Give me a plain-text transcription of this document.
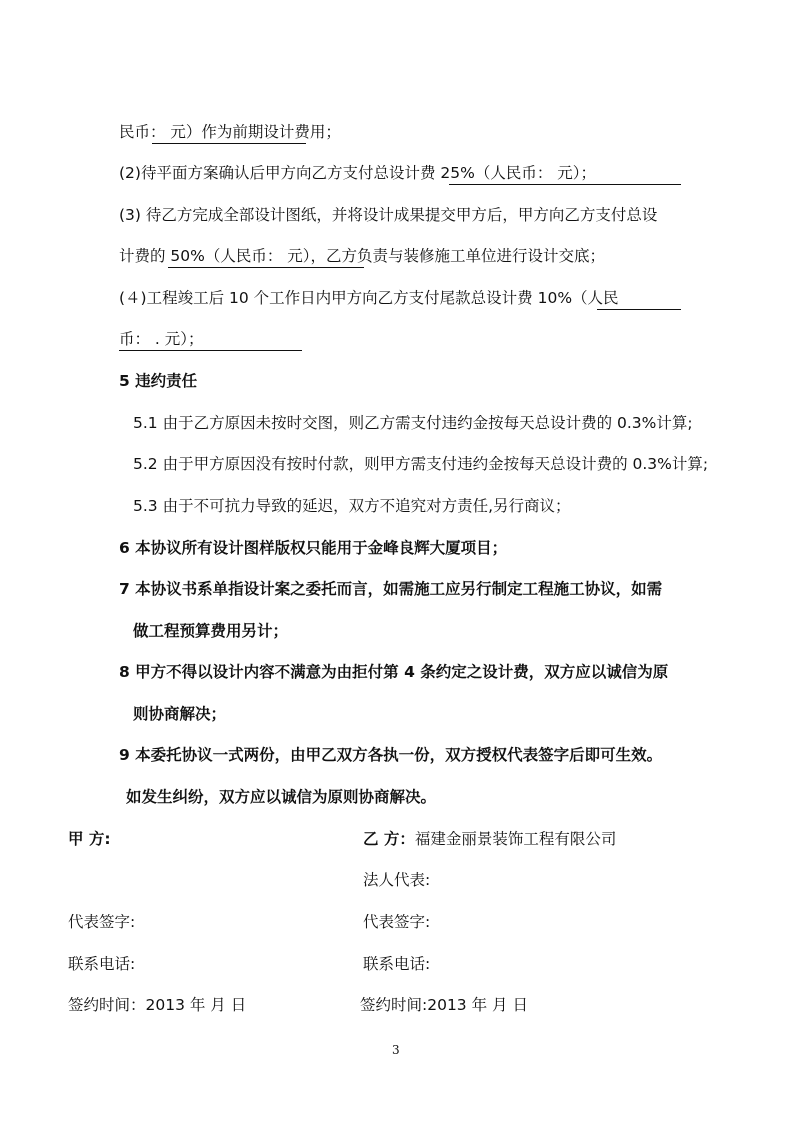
民币： 元）作为前期设计费用；
(2)待平面方案确认后甲方向乙方支付总设计费 25%（人民币： 元）；
(3) 待乙方完成全部设计图纸，并将设计成果提交甲方后，甲方向乙方支付总设
计费的 50%（人民币： 元），乙方负责与装修施工单位进行设计交底；
(４)工程竣工后 10 个工作日内甲方向乙方支付尾款总设计费 10%（人民
币： . 元）；
5 违约责任
5.1 由于乙方原因未按时交图，则乙方需支付违约金按每天总设计费的 0.3%计算;
5.2 由于甲方原因没有按时付款，则甲方需支付违约金按每天总设计费的 0.3%计算;
5.3 由于不可抗力导致的延迟，双方不追究对方责任,另行商议；
6 本协议所有设计图样版权只能用于金峰良辉大厦项目；
7 本协议书系单指设计案之委托而言，如需施工应另行制定工程施工协议，如需
做工程预算费用另计；
8 甲方不得以设计内容不满意为由拒付第 4 条约定之设计费，双方应以诚信为原
则协商解决；
9 本委托协议一式两份，由甲乙双方各执一份，双方授权代表签字后即可生效。
如发生纠纷，双方应以诚信为原则协商解决。
甲 方:	乙 方：福建金丽景装饰工程有限公司
法人代表:
代表签字:	代表签字:
联系电话:	联系电话:
签约时间：2013 年 月 日	签约时间:2013 年 月 日
3
